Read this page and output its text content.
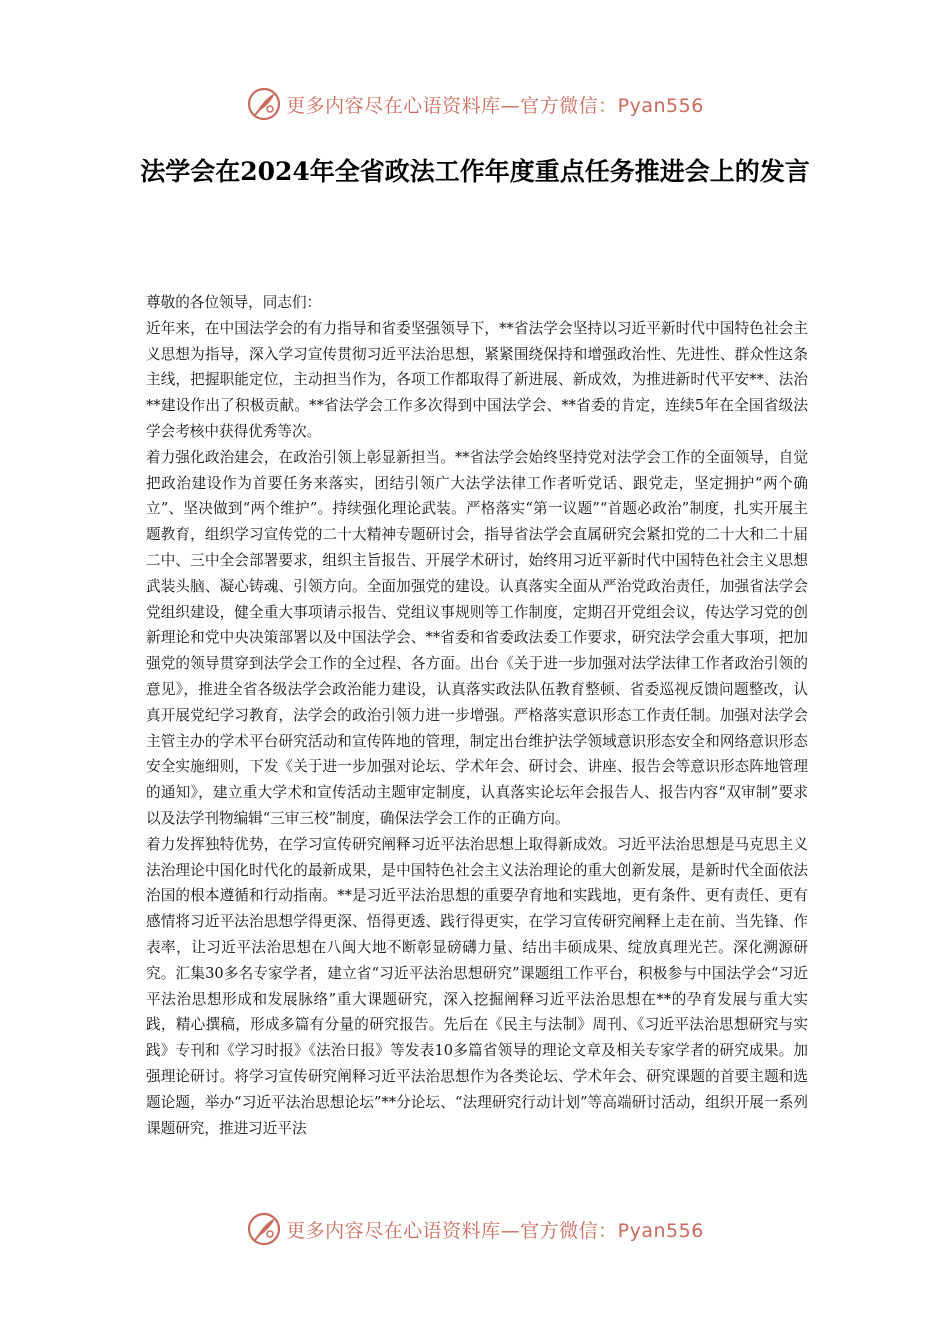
更多内容尽在心语资料库—官方微信：Pyan556
法学会在2024年全省政法工作年度重点任务推进会上的发言

尊敬的各位领导，同志们：

近年来，在中国法学会的有力指导和省委坚强领导下，**省法学会坚持以习近平新时代中国特色社会主义思想为指导，深入学习宣传贯彻习近平法治思想，紧紧围绕保持和增强政治性、先进性、群众性这条主线，把握职能定位，主动担当作为，各项工作都取得了新进展、新成效，为推进新时代平安**、法治**建设作出了积极贡献。**省法学会工作多次得到中国法学会、**省委的肯定，连续5年在全国省级法学会考核中获得优秀等次。

着力强化政治建会，在政治引领上彰显新担当。**省法学会始终坚持党对法学会工作的全面领导，自觉把政治建设作为首要任务来落实，团结引领广大法学法律工作者听党话、跟党走，坚定拥护“两个确立”、坚决做到“两个维护”。持续强化理论武装。严格落实“第一议题”“首题必政治”制度，扎实开展主题教育，组织学习宣传党的二十大精神专题研讨会，指导省法学会直属研究会紧扣党的二十大和二十届二中、三中全会部署要求，组织主旨报告、开展学术研讨，始终用习近平新时代中国特色社会主义思想武装头脑、凝心铸魂、引领方向。全面加强党的建设。认真落实全面从严治党政治责任，加强省法学会党组织建设，健全重大事项请示报告、党组议事规则等工作制度，定期召开党组会议，传达学习党的创新理论和党中央决策部署以及中国法学会、**省委和省委政法委工作要求，研究法学会重大事项，把加强党的领导贯穿到法学会工作的全过程、各方面。出台《关于进一步加强对法学法律工作者政治引领的意见》，推进全省各级法学会政治能力建设，认真落实政法队伍教育整顿、省委巡视反馈问题整改，认真开展党纪学习教育，法学会的政治引领力进一步增强。严格落实意识形态工作责任制。加强对法学会主管主办的学术平台研究活动和宣传阵地的管理，制定出台维护法学领域意识形态安全和网络意识形态安全实施细则，下发《关于进一步加强对论坛、学术年会、研讨会、讲座、报告会等意识形态阵地管理的通知》，建立重大学术和宣传活动主题审定制度，认真落实论坛年会报告人、报告内容“双审制”要求以及法学刊物编辑“三审三校”制度，确保法学会工作的正确方向。

着力发挥独特优势，在学习宣传研究阐释习近平法治思想上取得新成效。习近平法治思想是马克思主义法治理论中国化时代化的最新成果，是中国特色社会主义法治理论的重大创新发展，是新时代全面依法治国的根本遵循和行动指南。**是习近平法治思想的重要孕育地和实践地，更有条件、更有责任、更有感情将习近平法治思想学得更深、悟得更透、践行得更实，在学习宣传研究阐释上走在前、当先锋、作表率，让习近平法治思想在八闽大地不断彰显磅礴力量、结出丰硕成果、绽放真理光芒。深化溯源研究。汇集30多名专家学者，建立省“习近平法治思想研究”课题组工作平台，积极参与中国法学会“习近平法治思想形成和发展脉络”重大课题研究，深入挖掘阐释习近平法治思想在**的孕育发展与重大实践，精心撰稿，形成多篇有分量的研究报告。先后在《民主与法制》周刊、《习近平法治思想研究与实践》专刊和《学习时报》《法治日报》等发表10多篇省领导的理论文章及相关专家学者的研究成果。加强理论研讨。将学习宣传研究阐释习近平法治思想作为各类论坛、学术年会、研究课题的首要主题和选题论题，举办“习近平法治思想论坛”**分论坛、“法理研究行动计划”等高端研讨活动，组织开展一系列课题研究，推进习近平法

更多内容尽在心语资料库—官方微信：Pyan556
